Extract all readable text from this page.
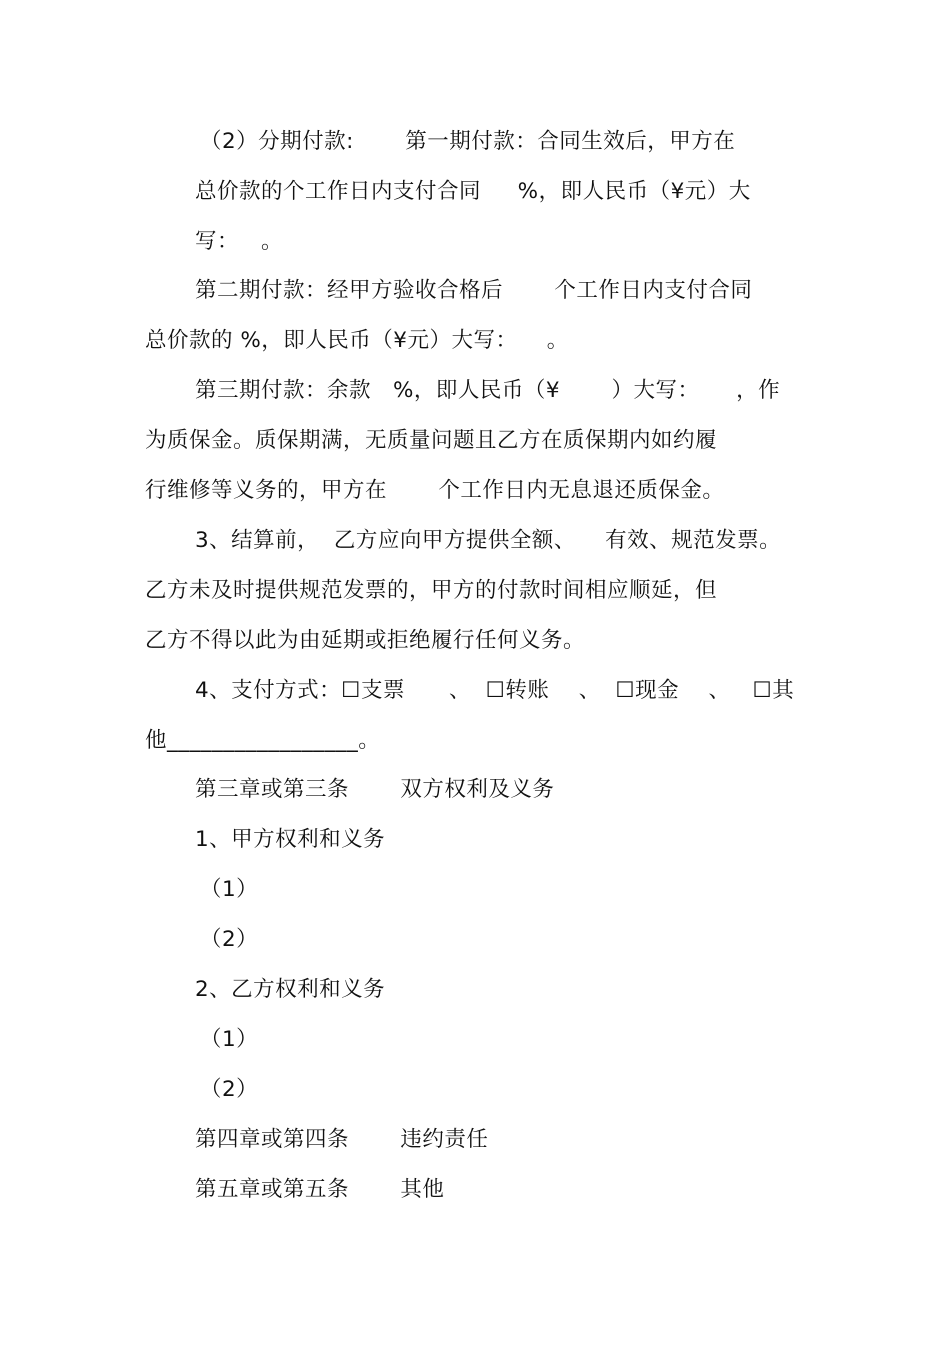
（2）分期付款:       第一期付款：合同生效后，甲方在
总价款的个工作日内支付合同     %，即人民币（¥元）大
写：   。
第二期付款：经甲方验收合格后       个工作日内支付合同
总价款的 %，即人民币（¥元）大写：    。
第三期付款：余款   %，即人民币（¥       ）大写：     ，作
为质保金。质保期满，无质量问题且乙方在质保期内如约履
行维修等义务的，甲方在       个工作日内无息退还质保金。
3、结算前，  乙方应向甲方提供全额、    有效、规范发票。
乙方未及时提供规范发票的，甲方的付款时间相应顺延，但
乙方不得以此为由延期或拒绝履行任何义务。
4、支付方式：☐支票      、  ☐转账    、  ☐现金    、   ☐其
他_________________。
第三章或第三条       双方权利及义务
1、甲方权利和义务
（1）
（2）
2、乙方权利和义务
（1）
（2）
第四章或第四条       违约责任
第五章或第五条       其他
